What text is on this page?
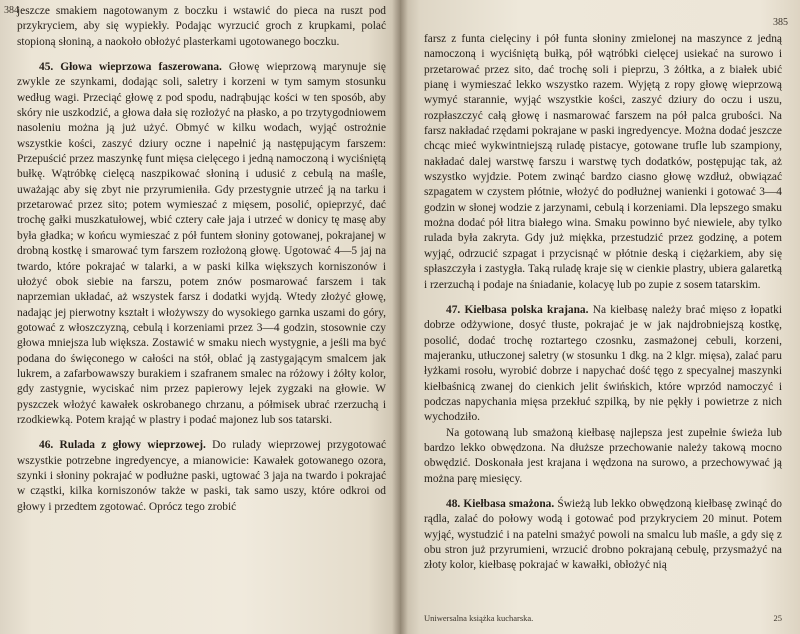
384

jeszcze smakiem nagotowanym z boczku i wstawić do pieca na ruszt pod przykryciem, aby się wypiekły. Podając wyrzucić groch z krupkami, polać stopioną słoniną, a naokoło obłożyć plasterkami ugotowanego boczku.

45. Głowa wieprzowa faszerowana. Głowę wieprzową marynuje się zwykle ze szynkami, dodając soli, saletry i korzeni w tym samym stosunku według wagi. Przeciąć głowę z pod spodu, nadrąbując kości w ten sposób, aby skóry nie uszkodzić, a głowa dała się rozłożyć na płasko, a po trzytygodniowem nasoleniu można ją już użyć. Obmyć w kilku wodach, wyjąć ostrożnie wszystkie kości, zaszyć dziury oczne i napełnić ją następującym farszem: Przepuścić przez maszynkę funt mięsa cielęcego i jedną namoczoną i wyciśniętą bułkę. Wątróbkę cielęcą naszpikować słoniną i udusić z cebulą na maśle, uważając aby się zbyt nie przyrumieniła. Gdy przestygnie utrzeć ją na tarku i przetarować przez sito; potem wymieszać z mięsem, posolić, opieprzyć, dać trochę gałki muszkatułowej, wbić cztery całe jaja i utrzeć w donicy tę masę aby była gładka; w końcu wymieszać z pół funtem słoniny gotowanej, pokrajanej w drobną kostkę i smarować tym farszem rozłożoną głowę. Ugotować 4—5 jaj na twardo, które pokrajać w talarki, a w paski kilka większych korniszonów i ułożyć obok siebie na farszu, potem znów posmarować farszem i tak naprzemian układać, aż wszystek farsz i dodatki wyjdą. Wtedy złożyć głowę, nadając jej pierwotny kształt i włożywszy do wysokiego garnka uszami do góry, gotować z włoszczyzną, cebulą i korzeniami przez 3—4 godzin, stosownie czy głowa mniejsza lub większa. Zostawić w smaku niech wystygnie, a jeśli ma być podana do święconego w całości na stół, oblać ją zastygającym smalcem jak lukrem, a zafarbowawszy burakiem i szafranem smalec na różowy i żółty kolor, gdy zastygnie, wyciskać nim przez papierowy lejek zygzaki na głowie. W pyszczek włożyć kawałek oskrobanego chrzanu, a półmisek ubrać rzerzuchą i rzodkiewką. Potem krająć w plastry i podać majonez lub sos tatarski.

46. Rulada z głowy wieprzowej. Do rulady wieprzowej przygotować wszystkie potrzebne ingredyencye, a mianowicie: Kawałek gotowanego ozora, szynki i słoniny pokrajać w podłużne paski, ugtować 3 jaja na twardo i pokrajać w cząstki, kilka korniszonów także w paski, tak samo uszy, które odkroi od głowy i przedtem zgotować. Oprócz tego zrobić

385

farsz z funta cielęciny i pół funta słoniny zmielonej na maszynce z jedną namoczoną i wyciśniętą bułką, pół wątróbki cielęcej usiekać na surowo i przetarować przez sito, dać trochę soli i pieprzu, 3 żółtka, a z białek ubić pianę i wymieszać lekko wszystko razem. Wyjętą z ropy głowę wieprzową wymyć starannie, wyjąć wszystkie kości, zaszyć dziury do oczu i uszu, rozpłaszczyć całą głowę i nasmarować farszem na pół palca grubości. Na farsz nakładać rzędami pokrajane w paski ingredyencye. Można dodać jeszcze chcąc mieć wykwintniejszą ruladę pistacye, gotowane trufle lub szampiony, nakładać dalej warstwę farszu i warstwę tych dodatków, postępując tak, aż wszystko wyjdzie. Potem zwinąć bardzo ciasno głowę wzdłuż, obwiązać szpagatem w czystem płótnie, włożyć do podłużnej wanienki i gotować 3—4 godzin w słonej wodzie z jarzynami, cebulą i korzeniami. Dla lepszego smaku można dodać pół litra białego wina. Smaku powinno być niewiele, aby tylko rulada była zakryta. Gdy już miękka, przestudzić przez godzinę, a potem wyjąć, odrzucić szpagat i przycisnąć w płótnie deską i ciężarkiem, aby się spłaszczyła i zastygła. Taką ruladę kraje się w cienkie plastry, ubiera galaretką i rzerzuchą i podaje na śniadanie, kolacyę lub po zupie z sosem tatarskim.

47. Kiełbasa polska krajana. Na kiełbasę należy brać mięso z łopatki dobrze odżywione, dosyć tłuste, pokrajać je w jak najdrobniejszą kostkę, posolić, dodać trochę roztartego czosnku, zasmażonej cebuli, korzeni, majeranku, utłuczonej saletry (w stosunku 1 dkg. na 2 klgr. mięsa), zalać paru łyżkami rosołu, wyrobić dobrze i napychać dość tęgo z specyalnej maszynki kiełbaśnicą zwanej do cienkich jelit świńskich, które wprzód namoczyć i podczas napychania mięsa przekłuć szpilką, by nie pękły i powietrze z nich wychodziło.

Na gotowaną lub smażoną kiełbasę najlepsza jest zupełnie świeża lub bardzo lekko obwędzona. Na dłuższe przechowanie należy takową mocno obwędzić. Doskonała jest krajana i wędzona na surowo, a przechowywać ją można parę miesięcy.

48. Kiełbasa smażona. Świeżą lub lekko obwędzoną kiełbasę zwinąć do rądla, zalać do połowy wodą i gotować pod przykryciem 20 minut. Potem wyjąć, wystudzić i na patelni smażyć powoli na smalcu lub maśle, a gdy się z obu stron już przyrumieni, wrzucić drobno pokrajaną cebulę, przysmażyć na złoty kolor, kiełbasę pokrajać w kawałki, obłożyć nią

Uniwersalna książka kucharska.	25
